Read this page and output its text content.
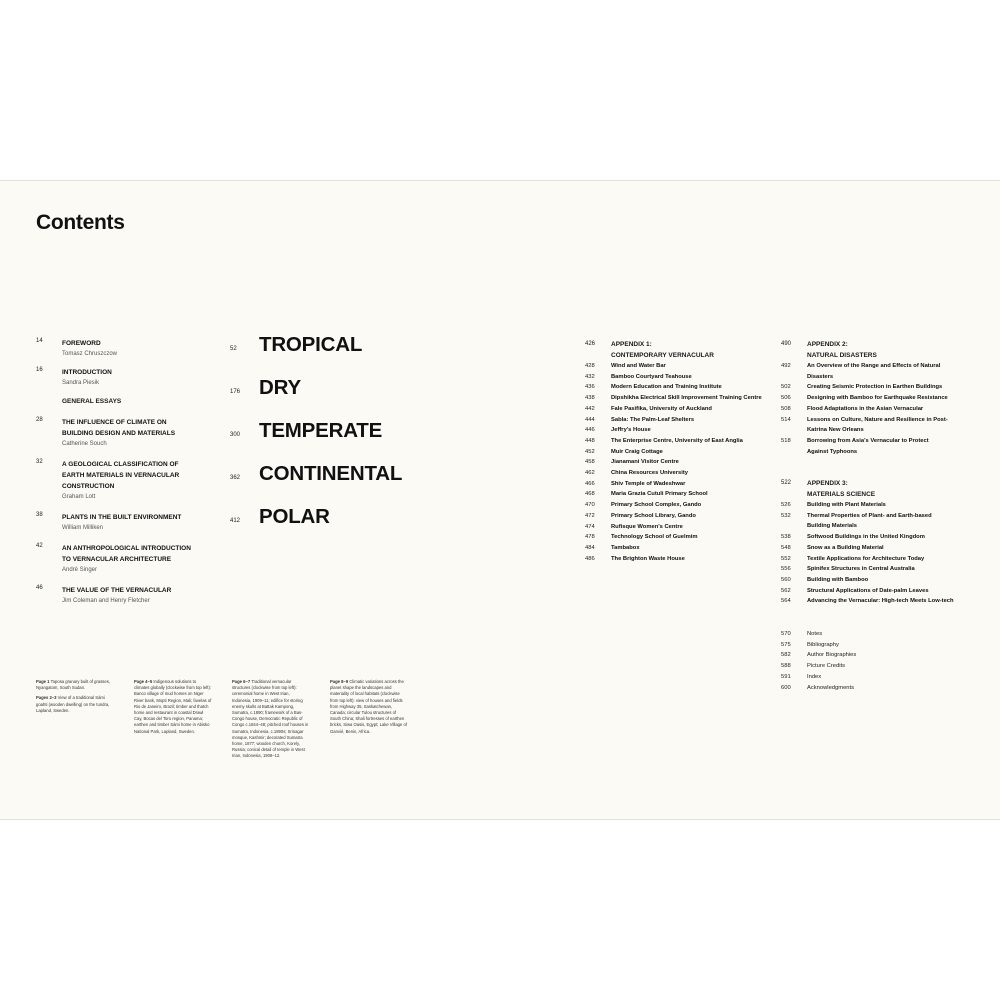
Contents
14	FOREWORD
Tomasz Chruszczow
16	INTRODUCTION
Sandra Piesik
GENERAL ESSAYS
28	THE INFLUENCE OF CLIMATE ON
BUILDING DESIGN AND MATERIALS
Catherine Souch
32	A GEOLOGICAL CLASSIFICATION OF
EARTH MATERIALS IN VERNACULAR
CONSTRUCTION
Graham Lott
38	PLANTS IN THE BUILT ENVIRONMENT
William Milliken
42	AN ANTHROPOLOGICAL INTRODUCTION
TO VERNACULAR ARCHITECTURE
André Singer
46	THE VALUE OF THE VERNACULAR
Jim Coleman and Henry Fletcher
52	TROPICAL
176 DRY
300 TEMPERATE
362 CONTINENTAL
412 POLAR
426 APPENDIX 1:
CONTEMPORARY VERNACULAR
428	Wind and Water Bar
432	Bamboo Courtyard Teahouse
436	Modern Education and Training Institute
438	Dipshikha Electrical Skill Improvement Training Centre
442	Fale Pasifika, University of Auckland
444	Sabla: The Palm-Leaf Shelters
446	Jeffry's House
448	The Enterprise Centre, University of East Anglia
452	Muir Craig Cottage
458	Jianamani Visitor Centre
462	China Resources University
466	Shiv Temple of Wadeshwar
468	Maria Grazia Cutuli Primary School
470	Primary School Complex, Gando
472	Primary School Library, Gando
474	Rufisque Women's Centre
478	Technology School of Guelmim
484	Tambabox
486	The Brighton Waste House
490 APPENDIX 2:
NATURAL DISASTERS
492	An Overview of the Range and Effects of Natural
Disasters
502	Creating Seismic Protection in Earthen Buildings
506	Designing with Bamboo for Earthquake Resistance
508	Flood Adaptations in the Asian Vernacular
514	Lessons on Culture, Nature and Resilience in Post-
Katrina New Orleans
518	Borrowing from Asia's Vernacular to Protect
Against Typhoons
522 APPENDIX 3:
MATERIALS SCIENCE
526	Building with Plant Materials
532	Thermal Properties of Plant- and Earth-based
Building Materials
538	Softwood Buildings in the United Kingdom
548	Snow as a Building Material
552	Textile Applications for Architecture Today
556	Spinifex Structures in Central Australia
560	Building with Bamboo
562	Structural Applications of Date-palm Leaves
564	Advancing the Vernacular: High-tech Meets Low-tech
570	Notes
575	Bibliography
582	Author Biographies
588	Picture Credits
591	Index
600	Acknowledgments

Page 1 Toposa granary built of grasses, Nyangatom, South Sudan.

Pages 2–3 View of a traditional Sámi goahti (wooden dwelling) on the tundra, Lapland, Sweden.

Page 4–5 Indigenous solutions to climates globally (clockwise from top left): Banco village of mud homes on Niger River bank, Mopti Region, Mali; favelas of Rio de Janeiro, Brazil; timber and thatch home and restaurant in coastal Drawl Cay, Bocas del Toro region, Panama; earthen and timber Sámi home in Abisko National Park, Lapland, Sweden.

Page 6–7 Traditional vernacular structures (clockwise from top left): ceremonial home in West Irian, Indonesia, 1909–11; edifice for storing enemy skulls at Battak Kampong, Sumatra, c.1890; framework of a Bas-Congo house, Democratic Republic of Congo c.1844–48; pitched roof houses in Sumatra, Indonesia, c.1890s; Srinagar mosque, Kashmir; decorated Sumatra home, 1877; wooden church, Korely, Russia; conical detail of temple in West Irian, Indonesia, 1908–12.

Page 8–9 Climatic variations across the planet shape the landscapes and materiality of local habitats (clockwise from top left): view of houses and fields from Highway 35, Saskatchewan, Canada; circular Tulou structures of South China; Shali fortresses of earthen bricks, Siwa Oasis, Egypt; Lake Village of Ganvié, Benin, Africa.
